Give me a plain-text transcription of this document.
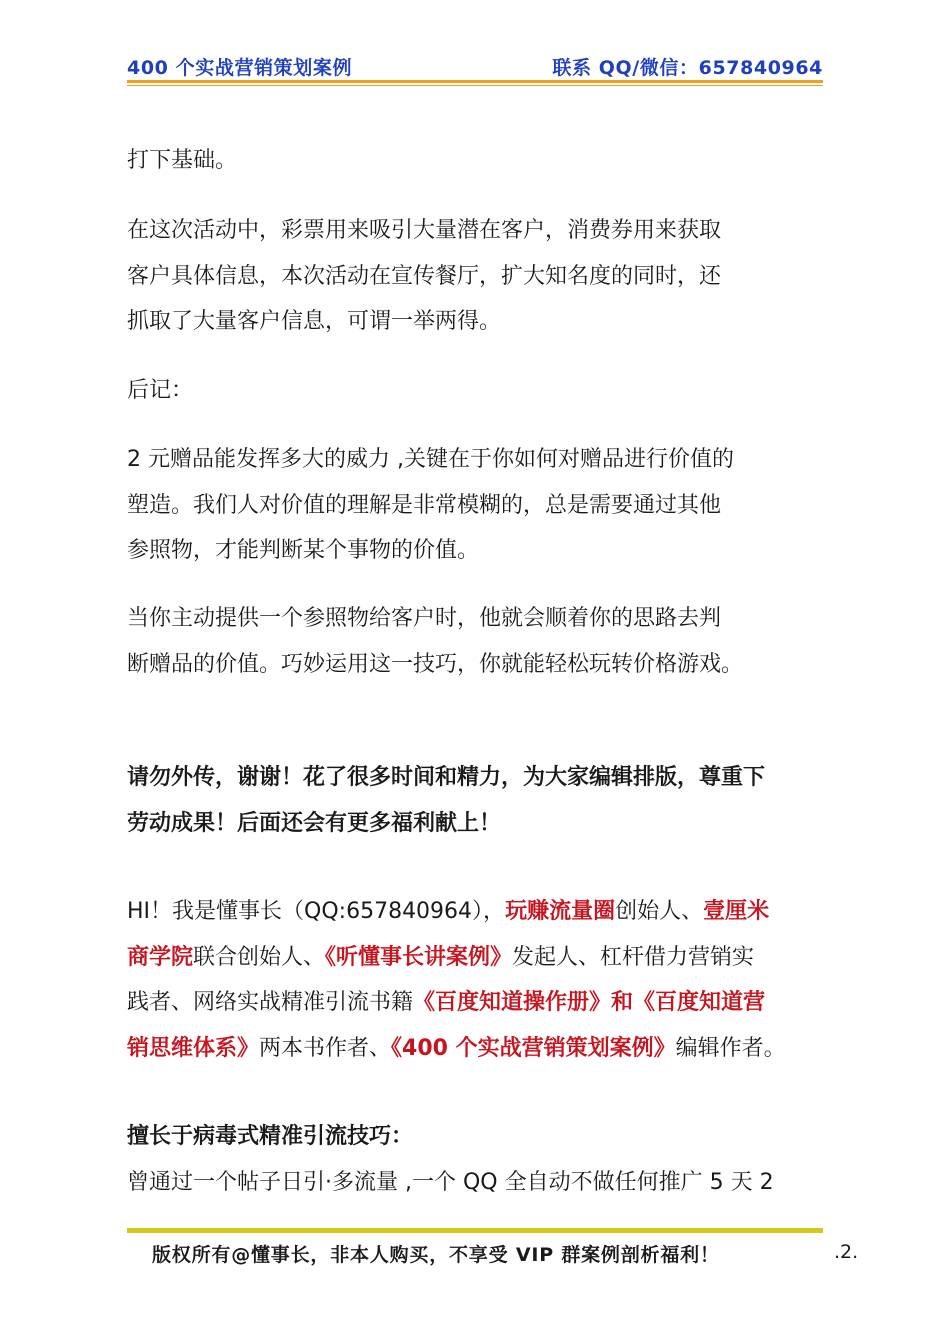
400 个实战营销策划案例	联系 QQ/微信：657840964

打下基础。

在这次活动中，彩票用来吸引大量潜在客户，消费券用来获取

客户具体信息，本次活动在宣传餐厅，扩大知名度的同时，还

抓取了大量客户信息，可谓一举两得。

后记：

2 元赠品能发挥多大的威力 ,关键在于你如何对赠品进行价值的

塑造。我们人对价值的理解是非常模糊的，总是需要通过其他

参照物，才能判断某个事物的价值。

当你主动提供一个参照物给客户时，他就会顺着你的思路去判

断赠品的价值。巧妙运用这一技巧，你就能轻松玩转价格游戏。

请勿外传，谢谢！花了很多时间和精力，为大家编辑排版，尊重下

劳动成果！后面还会有更多福利献上！

HI！我是懂事长（QQ:657840964），玩赚流量圈创始人、壹厘米

商学院联合创始人、《听懂事长讲案例》发起人、杠杆借力营销实

践者、网络实战精准引流书籍《百度知道操作册》和《百度知道营

销思维体系》两本书作者、《400 个实战营销策划案例》编辑作者。

擅长于病毒式精准引流技巧：

曾通过一个帖子日引·多流量 ,一个 QQ 全自动不做任何推广 5 天 2

版权所有@懂事长，非本人购买，不享受 VIP 群案例剖析福利！	.2.
